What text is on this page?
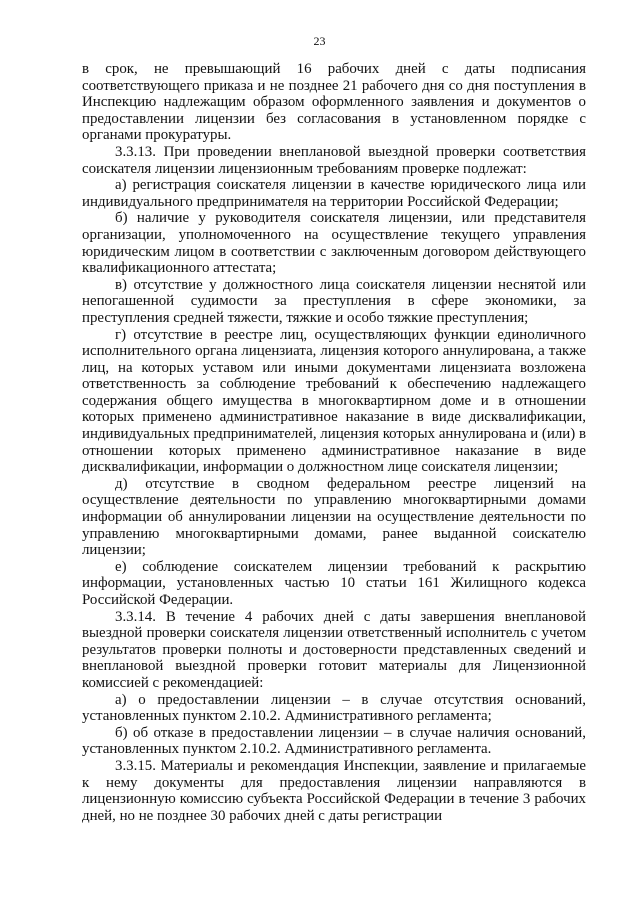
23

в срок, не превышающий 16 рабочих дней с даты подписания соответствующего приказа и не позднее 21 рабочего дня со дня поступления в Инспекцию надлежащим образом оформленного заявления и документов о предоставлении лицензии без согласования в установленном порядке с органами прокуратуры.

3.3.13. При проведении внеплановой выездной проверки соответствия соискателя лицензии лицензионным требованиям проверке подлежат:

а) регистрация соискателя лицензии в качестве юридического лица или индивидуального предпринимателя на территории Российской Федерации;

б) наличие у руководителя соискателя лицензии, или представителя организации, уполномоченного на осуществление текущего управления юридическим лицом в соответствии с заключенным договором действующего квалификационного аттестата;

в) отсутствие у должностного лица соискателя лицензии неснятой или непогашенной судимости за преступления в сфере экономики, за преступления средней тяжести, тяжкие и особо тяжкие преступления;

г) отсутствие в реестре лиц, осуществляющих функции единоличного исполнительного органа лицензиата, лицензия которого аннулирована, а также лиц, на которых уставом или иными документами лицензиата возложена ответственность за соблюдение требований к обеспечению надлежащего содержания общего имущества в многоквартирном доме и в отношении которых применено административное наказание в виде дисквалификации, индивидуальных предпринимателей, лицензия которых аннулирована и (или) в отношении которых применено административное наказание в виде дисквалификации, информации о должностном лице соискателя лицензии;

д) отсутствие в сводном федеральном реестре лицензий на осуществление деятельности по управлению многоквартирными домами информации об аннулировании лицензии на осуществление деятельности по управлению многоквартирными домами, ранее выданной соискателю лицензии;

е) соблюдение соискателем лицензии требований к раскрытию информации, установленных частью 10 статьи 161 Жилищного кодекса Российской Федерации.

3.3.14. В течение 4 рабочих дней с даты завершения внеплановой выездной проверки соискателя лицензии ответственный исполнитель с учетом результатов проверки полноты и достоверности представленных сведений и внеплановой выездной проверки готовит материалы для Лицензионной комиссией с рекомендацией:

а) о предоставлении лицензии – в случае отсутствия оснований, установленных пунктом 2.10.2. Административного регламента;

б) об отказе в предоставлении лицензии – в случае наличия оснований, установленных пунктом 2.10.2. Административного регламента.

3.3.15. Материалы и рекомендация Инспекции, заявление и прилагаемые к нему документы для предоставления лицензии направляются в лицензионную комиссию субъекта Российской Федерации в течение 3 рабочих дней, но не позднее 30 рабочих дней с даты регистрации
